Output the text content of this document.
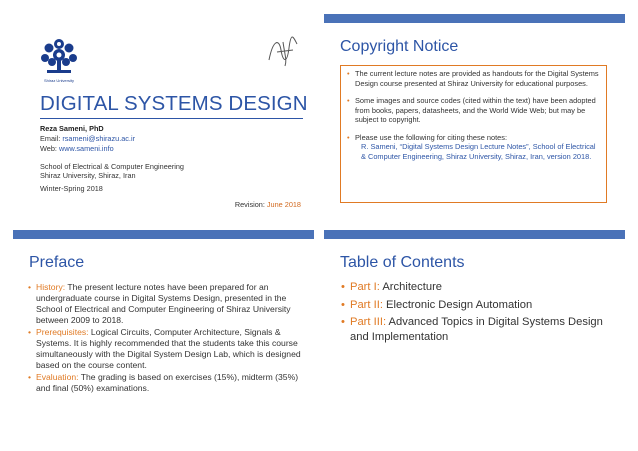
Shiraz University
DIGITAL SYSTEMS DESIGN
Reza Sameni, PhD
Email: rsameni@shirazu.ac.ir
Web: www.sameni.info
School of Electrical & Computer Engineering
Shiraz University, Shiraz, Iran
Winter-Spring 2018
Revision: June 2018
Copyright Notice
• The current lecture notes are provided as handouts for the Digital Systems Design course presented at Shiraz University for educational purposes.
• Some images and source codes (cited within the text) have been adopted from books, papers, datasheets, and the World Wide Web; but may be subject to copyright.
• Please use the following for citing these notes:
R. Sameni, “Digital Systems Design Lecture Notes”, School of Electrical & Computer Engineering, Shiraz University, Shiraz, Iran, version 2018.
Preface
• History: The present lecture notes have been prepared for an undergraduate course in Digital Systems Design, presented in the School of Electrical and Computer Engineering of Shiraz University between 2009 to 2018.
• Prerequisites: Logical Circuits, Computer Architecture, Signals & Systems. It is highly recommended that the students take this course simultaneously with the Digital System Design Lab, which is designed based on the course content.
• Evaluation: The grading is based on exercises (15%), midterm (35%) and final (50%) examinations.
Table of Contents
• Part I: Architecture
• Part II: Electronic Design Automation
• Part III: Advanced Topics in Digital Systems Design and Implementation
